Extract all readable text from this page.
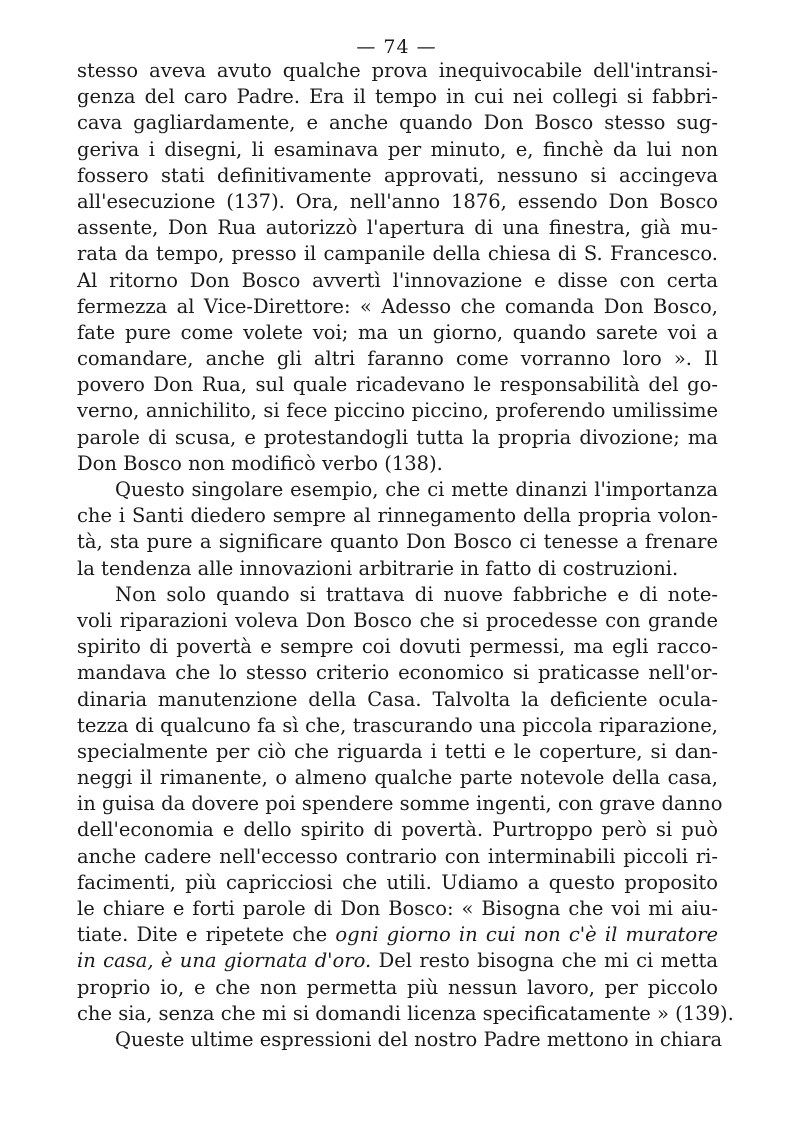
— 74 —
stesso aveva avuto qualche prova inequivocabile dell'intransi-
genza del caro Padre. Era il tempo in cui nei collegi si fabbri-
cava gagliardamente, e anche quando Don Bosco stesso sug-
geriva i disegni, li esaminava per minuto, e, finchè da lui non
fossero stati definitivamente approvati, nessuno si accingeva
all'esecuzione (137). Ora, nell'anno 1876, essendo Don Bosco
assente, Don Rua autorizzò l'apertura di una finestra, già mu-
rata da tempo, presso il campanile della chiesa di S. Francesco.
Al ritorno Don Bosco avvertì l'innovazione e disse con certa
fermezza al Vice-Direttore: « Adesso che comanda Don Bosco,
fate pure come volete voi; ma un giorno, quando sarete voi a
comandare, anche gli altri faranno come vorranno loro ». Il
povero Don Rua, sul quale ricadevano le responsabilità del go-
verno, annichilito, si fece piccino piccino, proferendo umilissime
parole di scusa, e protestandogli tutta la propria divozione; ma
Don Bosco non modificò verbo (138).
Questo singolare esempio, che ci mette dinanzi l'importanza
che i Santi diedero sempre al rinnegamento della propria volon-
tà, sta pure a significare quanto Don Bosco ci tenesse a frenare
la tendenza alle innovazioni arbitrarie in fatto di costruzioni.
Non solo quando si trattava di nuove fabbriche e di note-
voli riparazioni voleva Don Bosco che si procedesse con grande
spirito di povertà e sempre coi dovuti permessi, ma egli racco-
mandava che lo stesso criterio economico si praticasse nell'or-
dinaria manutenzione della Casa. Talvolta la deficiente ocula-
tezza di qualcuno fa sì che, trascurando una piccola riparazione,
specialmente per ciò che riguarda i tetti e le coperture, si dan-
neggi il rimanente, o almeno qualche parte notevole della casa,
in guisa da dovere poi spendere somme ingenti, con grave danno
dell'economia e dello spirito di povertà. Purtroppo però si può
anche cadere nell'eccesso contrario con interminabili piccoli ri-
facimenti, più capricciosi che utili. Udiamo a questo proposito
le chiare e forti parole di Don Bosco: « Bisogna che voi mi aiu-
tiate. Dite e ripetete che ogni giorno in cui non c'è il muratore
in casa, è una giornata d'oro. Del resto bisogna che mi ci metta
proprio io, e che non permetta più nessun lavoro, per piccolo
che sia, senza che mi si domandi licenza specificatamente » (139).
Queste ultime espressioni del nostro Padre mettono in chiara
